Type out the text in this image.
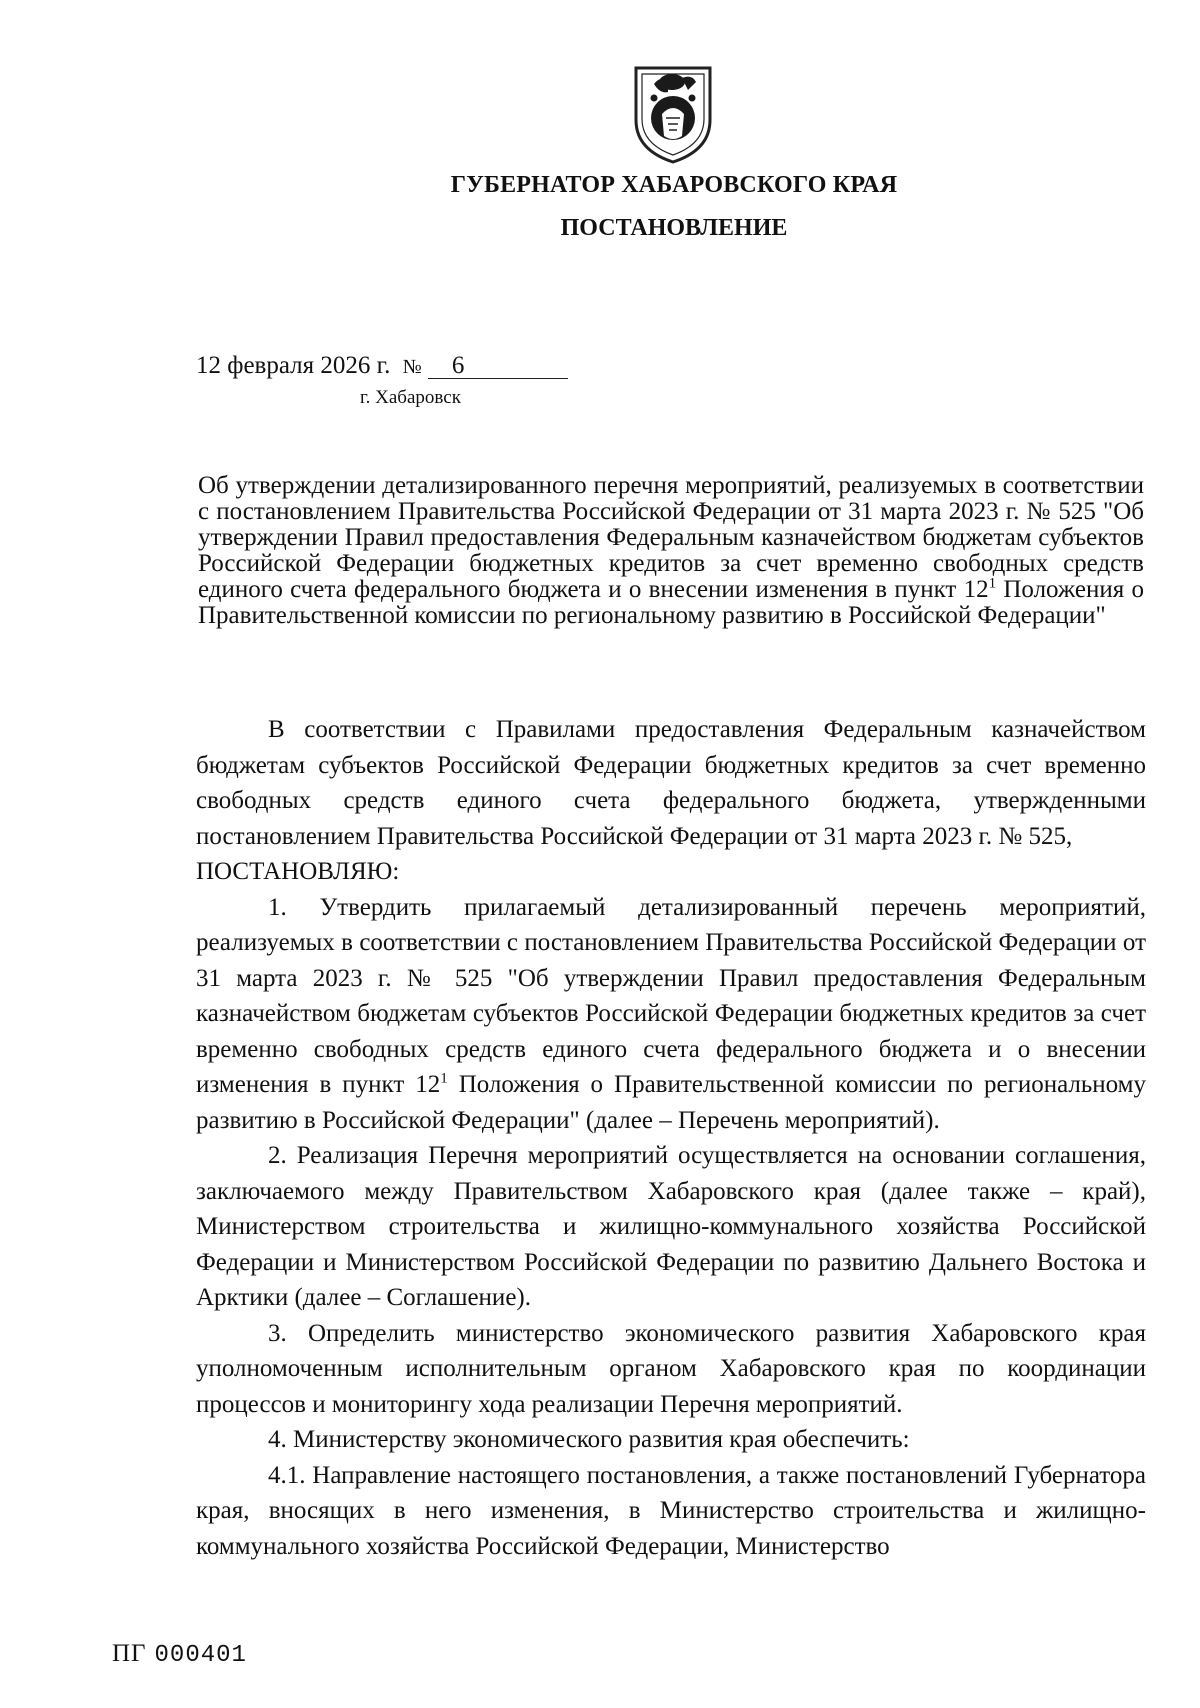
ГУБЕРНАТОР ХАБАРОВСКОГО КРАЯ
ПОСТАНОВЛЕНИЕ
12 февраля 2026 г. № 6
г. Хабаровск
Об утверждении детализированного перечня мероприятий, реализуемых в соответствии с постановлением Правительства Российской Федерации от 31 марта 2023 г. № 525 "Об утверждении Правил предоставления Федеральным казначейством бюджетам субъектов Российской Федерации бюджетных кредитов за счет временно свободных средств единого счета федерального бюджета и о внесении изменения в пункт $12^1$ Положения о Правительственной комиссии по региональному развитию в Российской Федерации"

В соответствии с Правилами предоставления Федеральным казначейством бюджетам субъектов Российской Федерации бюджетных кредитов за счет временно свободных средств единого счета федерального бюджета, утвержденными постановлением Правительства Российской Федерации от 31 марта 2023 г. № 525,

ПОСТАНОВЛЯЮ:

1. Утвердить прилагаемый детализированный перечень мероприятий, реализуемых в соответствии с постановлением Правительства Российской Федерации от 31 марта 2023 г. № 525 "Об утверждении Правил предоставления Федеральным казначейством бюджетам субъектов Российской Федерации бюджетных кредитов за счет временно свободных средств единого счета федерального бюджета и о внесении изменения в пункт $12^1$ Положения о Правительственной комиссии по региональному развитию в Российской Федерации" (далее – Перечень мероприятий).

2. Реализация Перечня мероприятий осуществляется на основании соглашения, заключаемого между Правительством Хабаровского края (далее также – край), Министерством строительства и жилищно-коммунального хозяйства Российской Федерации и Министерством Российской Федерации по развитию Дальнего Востока и Арктики (далее – Соглашение).

3. Определить министерство экономического развития Хабаровского края уполномоченным исполнительным органом Хабаровского края по координации процессов и мониторингу хода реализации Перечня мероприятий.

4. Министерству экономического развития края обеспечить:

4.1. Направление настоящего постановления, а также постановлений Губернатора края, вносящих в него изменения, в Министерство строительства и жилищно-коммунального хозяйства Российской Федерации, Министерство

ПГ 000401
